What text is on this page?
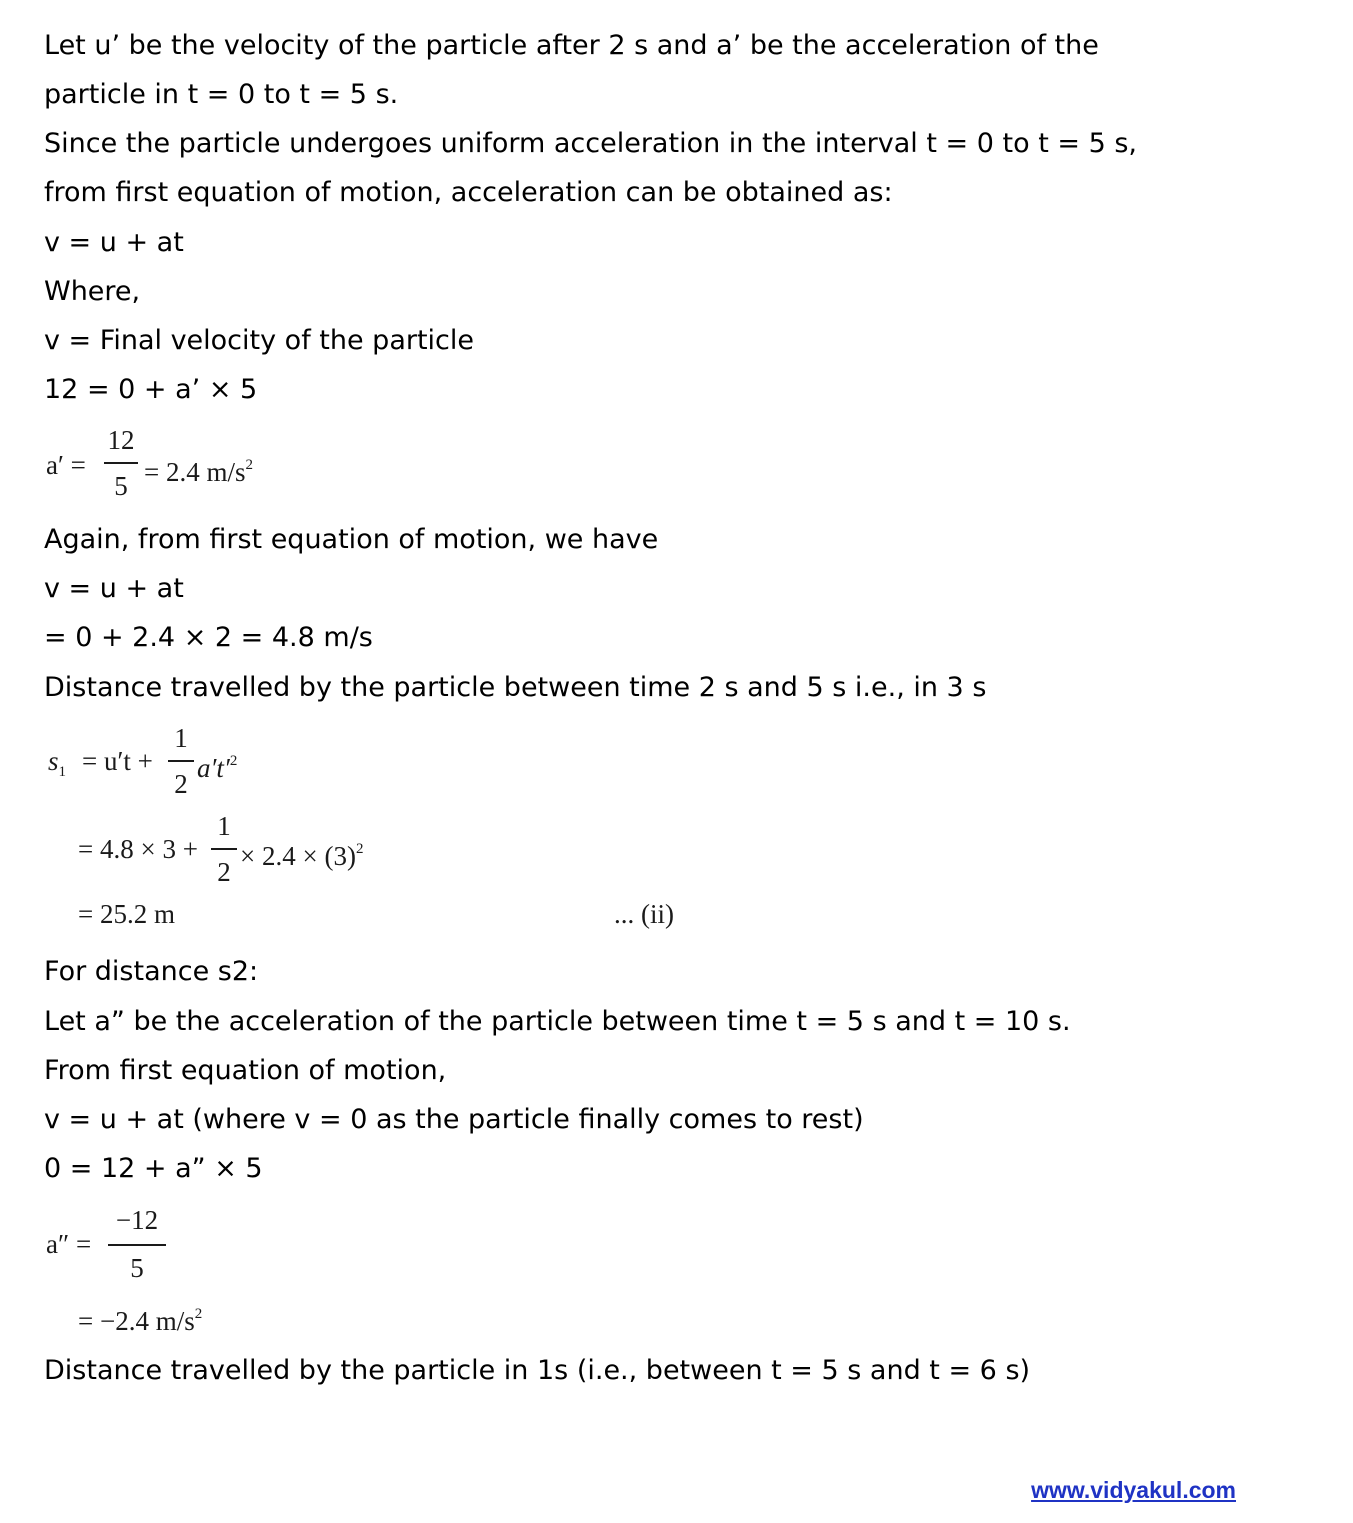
Let u’ be the velocity of the particle after 2 s and a’ be the acceleration of the

particle in t = 0 to t = 5 s.

Since the particle undergoes uniform acceleration in the interval t = 0 to t = 5 s,

from first equation of motion, acceleration can be obtained as:

v = u + at

Where,

v = Final velocity of the particle

12 = 0 + a’ × 5

a′ =
12
5 = 2.4 $m/s^2$

Again, from first equation of motion, we have

v = u + at

= 0 + 2.4 × 2 = 4.8 m/s

Distance travelled by the particle between time 2 s and 5 s i.e., in 3 s

$s_1 = u't$ +
1
2
$a't'^2$
= 4.8 × 3 +
1
2
× $2.4 \times (3)^2$
= 25.2 m	... (ii)

For distance s2:

Let a” be the acceleration of the particle between time t = 5 s and t = 10 s.

From first equation of motion,

v = u + at (where v = 0 as the particle finally comes to rest)

0 = 12 + a” × 5

a″ =
−12
5
= −2.4 $m/s^2$

Distance travelled by the particle in 1s (i.e., between t = 5 s and t = 6 s)

www.vidyakul.com
